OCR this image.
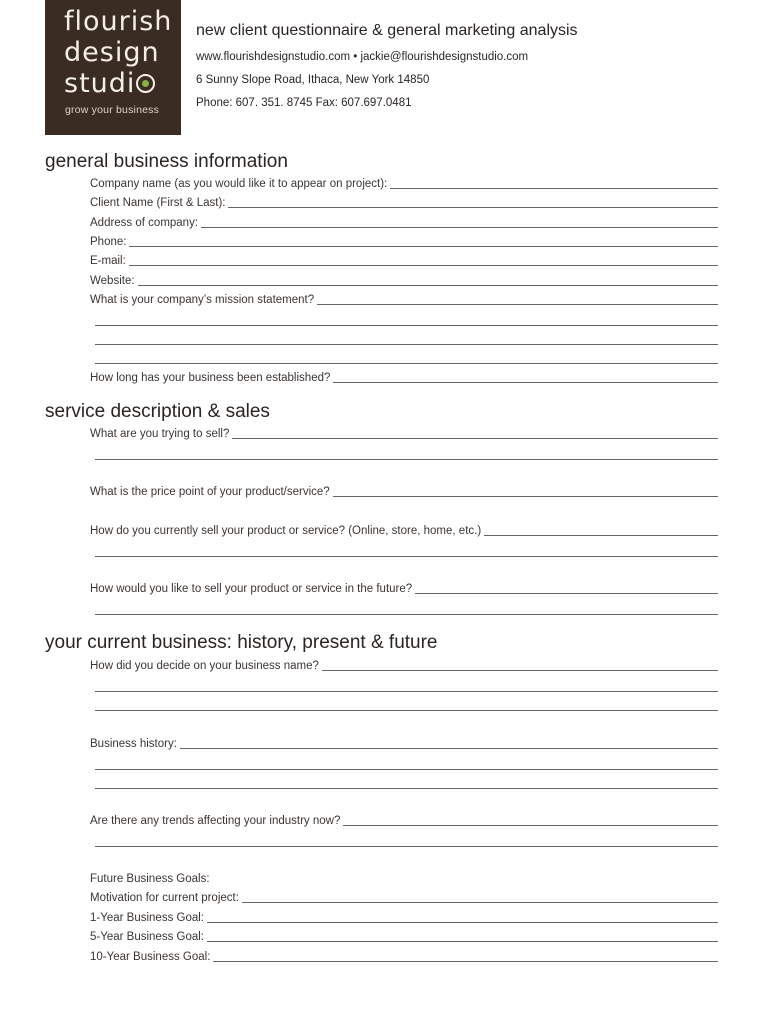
flourish
design
studi
grow your business
new client questionnaire & general marketing analysis
www.flourishdesignstudio.com • jackie@flourishdesignstudio.com
6 Sunny Slope Road, Ithaca, New York 14850
Phone: 607. 351. 8745 Fax: 607.697.0481
general business information
Company name (as you would like it to appear on project):
Client Name (First & Last):
Address of company:
Phone:
E-mail:
Website:
What is your company’s mission statement?
How long has your business been established?
service description & sales
What are you trying to sell?
What is the price point of your product/service?
How do you currently sell your product or service? (Online, store, home, etc.)
How would you like to sell your product or service in the future?
your current business: history, present & future
How did you decide on your business name?
Business history:
Are there any trends affecting your industry now?
Future Business Goals:
Motivation for current project:
1-Year Business Goal:
5-Year Business Goal:
10-Year Business Goal:
